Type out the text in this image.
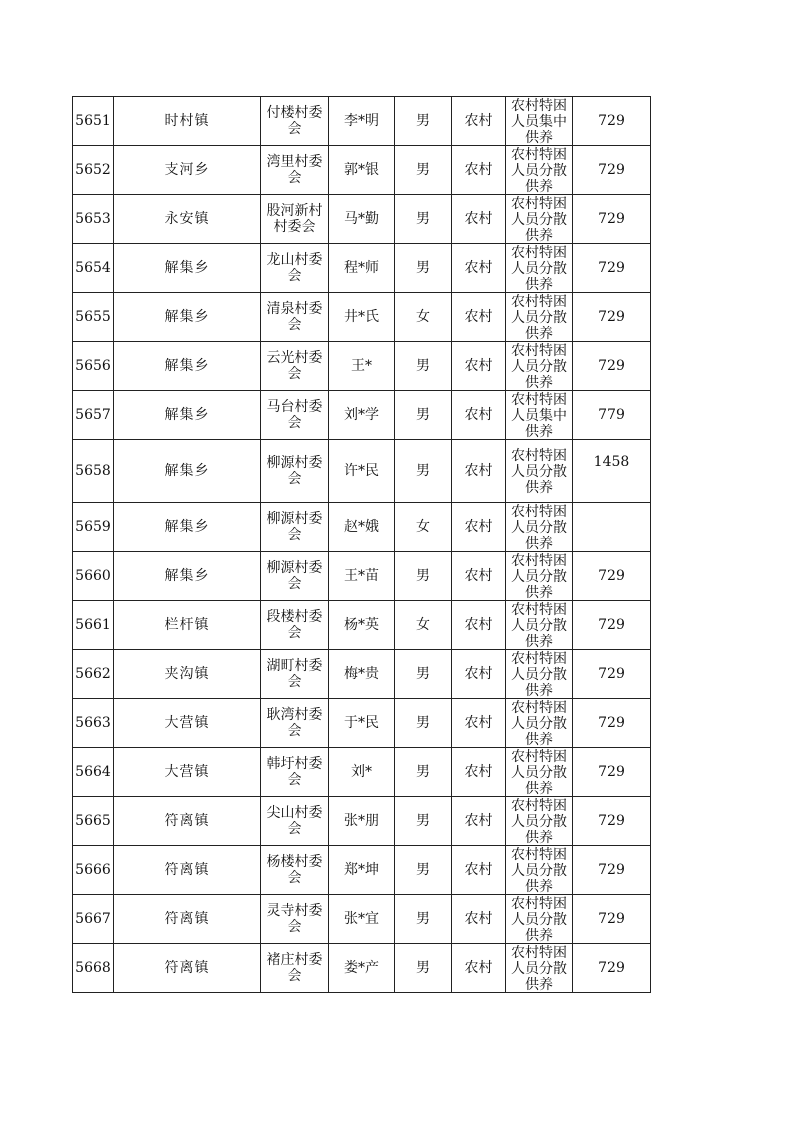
5651	时村镇	付楼村委会	李*明	男	农村	农村特困人员集中供养	729
5652	支河乡	湾里村委会	郭*银	男	农村	农村特困人员分散供养	729
5653	永安镇	股河新村村委会	马*勤	男	农村	农村特困人员分散供养	729
5654	解集乡	龙山村委会	程*师	男	农村	农村特困人员分散供养	729
5655	解集乡	清泉村委会	井*氏	女	农村	农村特困人员分散供养	729
5656	解集乡	云光村委会	王*	男	农村	农村特困人员分散供养	729
5657	解集乡	马台村委会	刘*学	男	农村	农村特困人员集中供养	779
5658	解集乡	柳源村委会	许*民	男	农村	农村特困人员分散供养	1458
5659	解集乡	柳源村委会	赵*娥	女	农村	农村特困人员分散供养	

5660	解集乡	柳源村委会	王*苗	男	农村	农村特困人员分散供养	729
5661	栏杆镇	段楼村委会	杨*英	女	农村	农村特困人员分散供养	729
5662	夹沟镇	湖町村委会	梅*贵	男	农村	农村特困人员分散供养	729
5663	大营镇	耿湾村委会	于*民	男	农村	农村特困人员分散供养	729
5664	大营镇	韩圩村委会	刘*	男	农村	农村特困人员分散供养	729
5665	符离镇	尖山村委会	张*朋	男	农村	农村特困人员分散供养	729
5666	符离镇	杨楼村委会	郑*坤	男	农村	农村特困人员分散供养	729
5667	符离镇	灵寺村委会	张*宜	男	农村	农村特困人员分散供养	729
5668	符离镇	褚庄村委会	娄*产	男	农村	农村特困人员分散供养	729
